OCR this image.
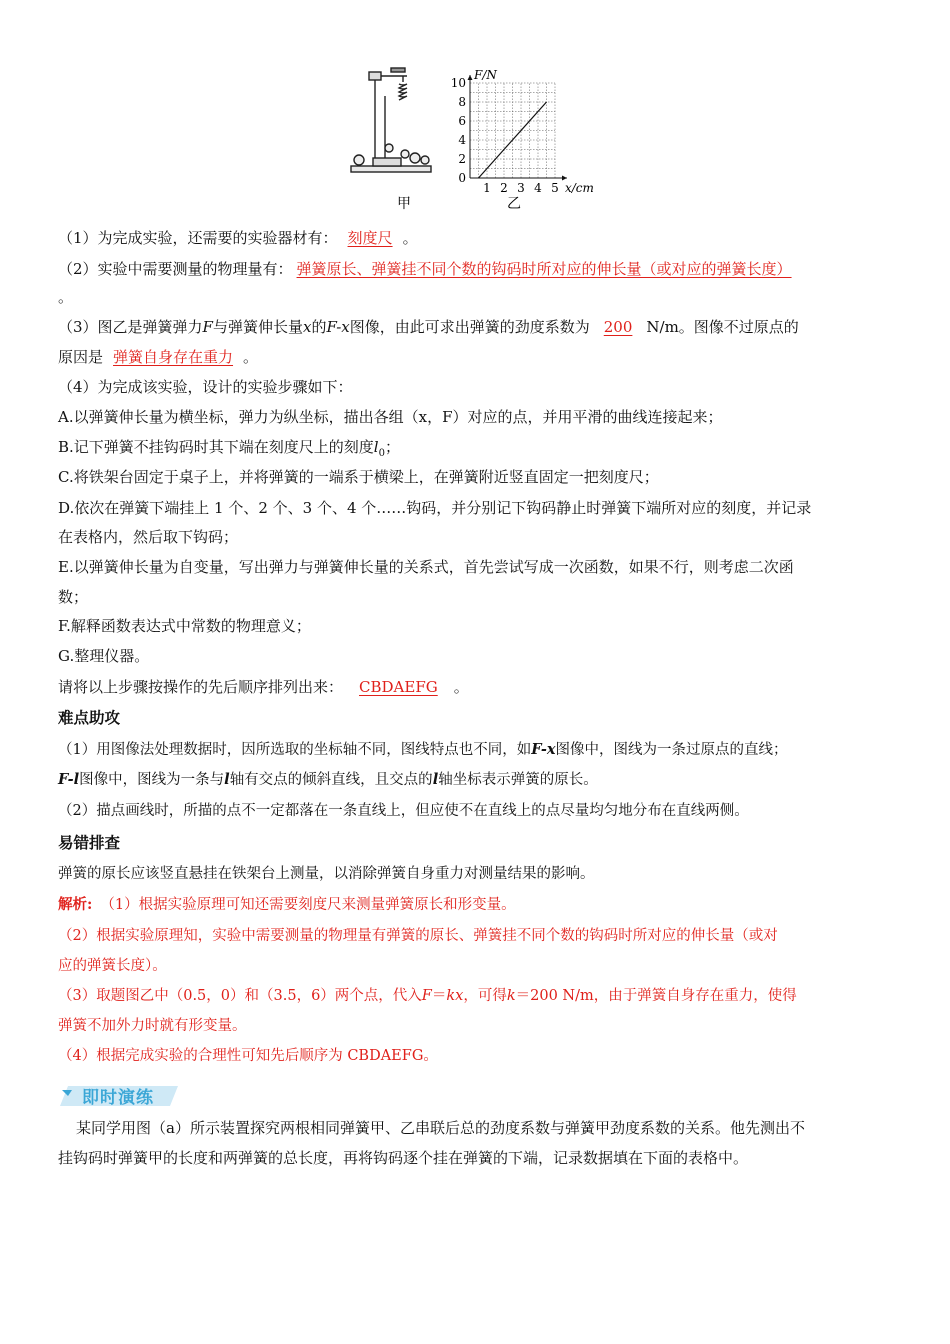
0
2
4
6
8
10
1 2 3 4 5
F/N
x/cm
甲	乙
（1）为完成实验，还需要的实验器材有： 刻度尺 。
（2）实验中需要测量的物理量有： 弹簧原长、弹簧挂不同个数的钩码时所对应的伸长量（或对应的弹簧长度）
。
（3）图乙是弹簧弹力F与弹簧伸长量x的F-x图像，由此可求出弹簧的劲度系数为 200 N/m。图像不过原点的
原因是 弹簧自身存在重力 。
（4）为完成该实验，设计的实验步骤如下：
A.以弹簧伸长量为横坐标，弹力为纵坐标，描出各组（x，F）对应的点，并用平滑的曲线连接起来；
B.记下弹簧不挂钩码时其下端在刻度尺上的刻度$l_0$；
C.将铁架台固定于桌子上，并将弹簧的一端系于横梁上，在弹簧附近竖直固定一把刻度尺；
D.依次在弹簧下端挂上 1 个、2 个、3 个、4 个……钩码，并分别记下钩码静止时弹簧下端所对应的刻度，并记录
在表格内，然后取下钩码；
E.以弹簧伸长量为自变量，写出弹力与弹簧伸长量的关系式，首先尝试写成一次函数，如果不行，则考虑二次函
数；
F.解释函数表达式中常数的物理意义；
G.整理仪器。
请将以上步骤按操作的先后顺序排列出来： CBDAEFG 。
难点助攻
（1）用图像法处理数据时，因所选取的坐标轴不同，图线特点也不同，如F-x图像中，图线为一条过原点的直线；
F-l图像中，图线为一条与l轴有交点的倾斜直线，且交点的l轴坐标表示弹簧的原长。
（2）描点画线时，所描的点不一定都落在一条直线上，但应使不在直线上的点尽量均匀地分布在直线两侧。
易错排查
弹簧的原长应该竖直悬挂在铁架台上测量，以消除弹簧自身重力对测量结果的影响。
解析: （1）根据实验原理可知还需要刻度尺来测量弹簧原长和形变量。
（2）根据实验原理知，实验中需要测量的物理量有弹簧的原长、弹簧挂不同个数的钩码时所对应的伸长量（或对
应的弹簧长度）。
（3）取题图乙中（0.5，0）和（3.5，6）两个点，代入F＝kx，可得k＝200 N/m，由于弹簧自身存在重力，使得
弹簧不加外力时就有形变量。
（4）根据完成实验的合理性可知先后顺序为 CBDAEFG。
即时演练
某同学用图（a）所示装置探究两根相同弹簧甲、乙串联后总的劲度系数与弹簧甲劲度系数的关系。他先测出不
挂钩码时弹簧甲的长度和两弹簧的总长度，再将钩码逐个挂在弹簧的下端，记录数据填在下面的表格中。
